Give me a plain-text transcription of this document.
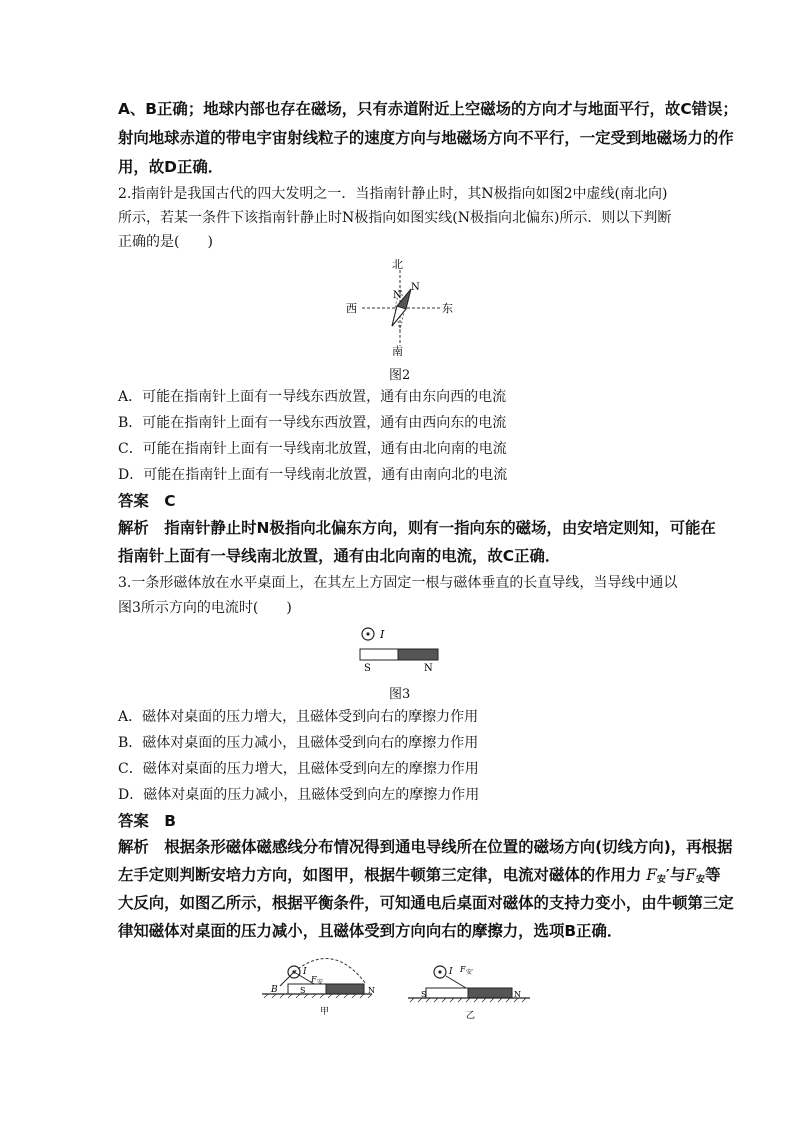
A、B正确；地球内部也存在磁场，只有赤道附近上空磁场的方向才与地面平行，故C错误；

射向地球赤道的带电宇宙射线粒子的速度方向与地磁场方向不平行，一定受到地磁场力的作

用，故D正确．

2.指南针是我国古代的四大发明之一．当指南针静止时，其N极指向如图2中虚线(南北向)

所示，若某一条件下该指南针静止时N极指向如图实线(N极指向北偏东)所示．则以下判断

正确的是(　　)

北
南
西	东
N
N
图2

A．可能在指南针上面有一导线东西放置，通有由东向西的电流

B．可能在指南针上面有一导线东西放置，通有由西向东的电流

C．可能在指南针上面有一导线南北放置，通有由北向南的电流

D．可能在指南针上面有一导线南北放置，通有由南向北的电流

答案　 C

解析　 指南针静止时N极指向北偏东方向，则有一指向东的磁场，由安培定则知，可能在

指南针上面有一导线南北放置，通有由北向南的电流，故C正确．

3.一条形磁体放在水平桌面上，在其左上方固定一根与磁体垂直的长直导线，当导线中通以

图3所示方向的电流时(　　)

I
S	N
图3

A．磁体对桌面的压力增大，且磁体受到向右的摩擦力作用

B．磁体对桌面的压力减小，且磁体受到向右的摩擦力作用

C．磁体对桌面的压力增大，且磁体受到向左的摩擦力作用

D．磁体对桌面的压力减小，且磁体受到向左的摩擦力作用

答案　 B

解析　 根据条形磁体磁感线分布情况得到通电导线所在位置的磁场方向(切线方向)，再根据

左手定则判断安培力方向，如图甲，根据牛顿第三定律，电流对磁体的作用力 $F_安'$与$F_安$等

大反向，如图乙所示，根据平衡条件，可知通电后桌面对磁体的支持力变小，由牛顿第三定

律知磁体对桌面的压力减小，且磁体受到方向向右的摩擦力，选项B正确．

B
I
F 安
S	N
甲
I F 安′
S	N
乙
